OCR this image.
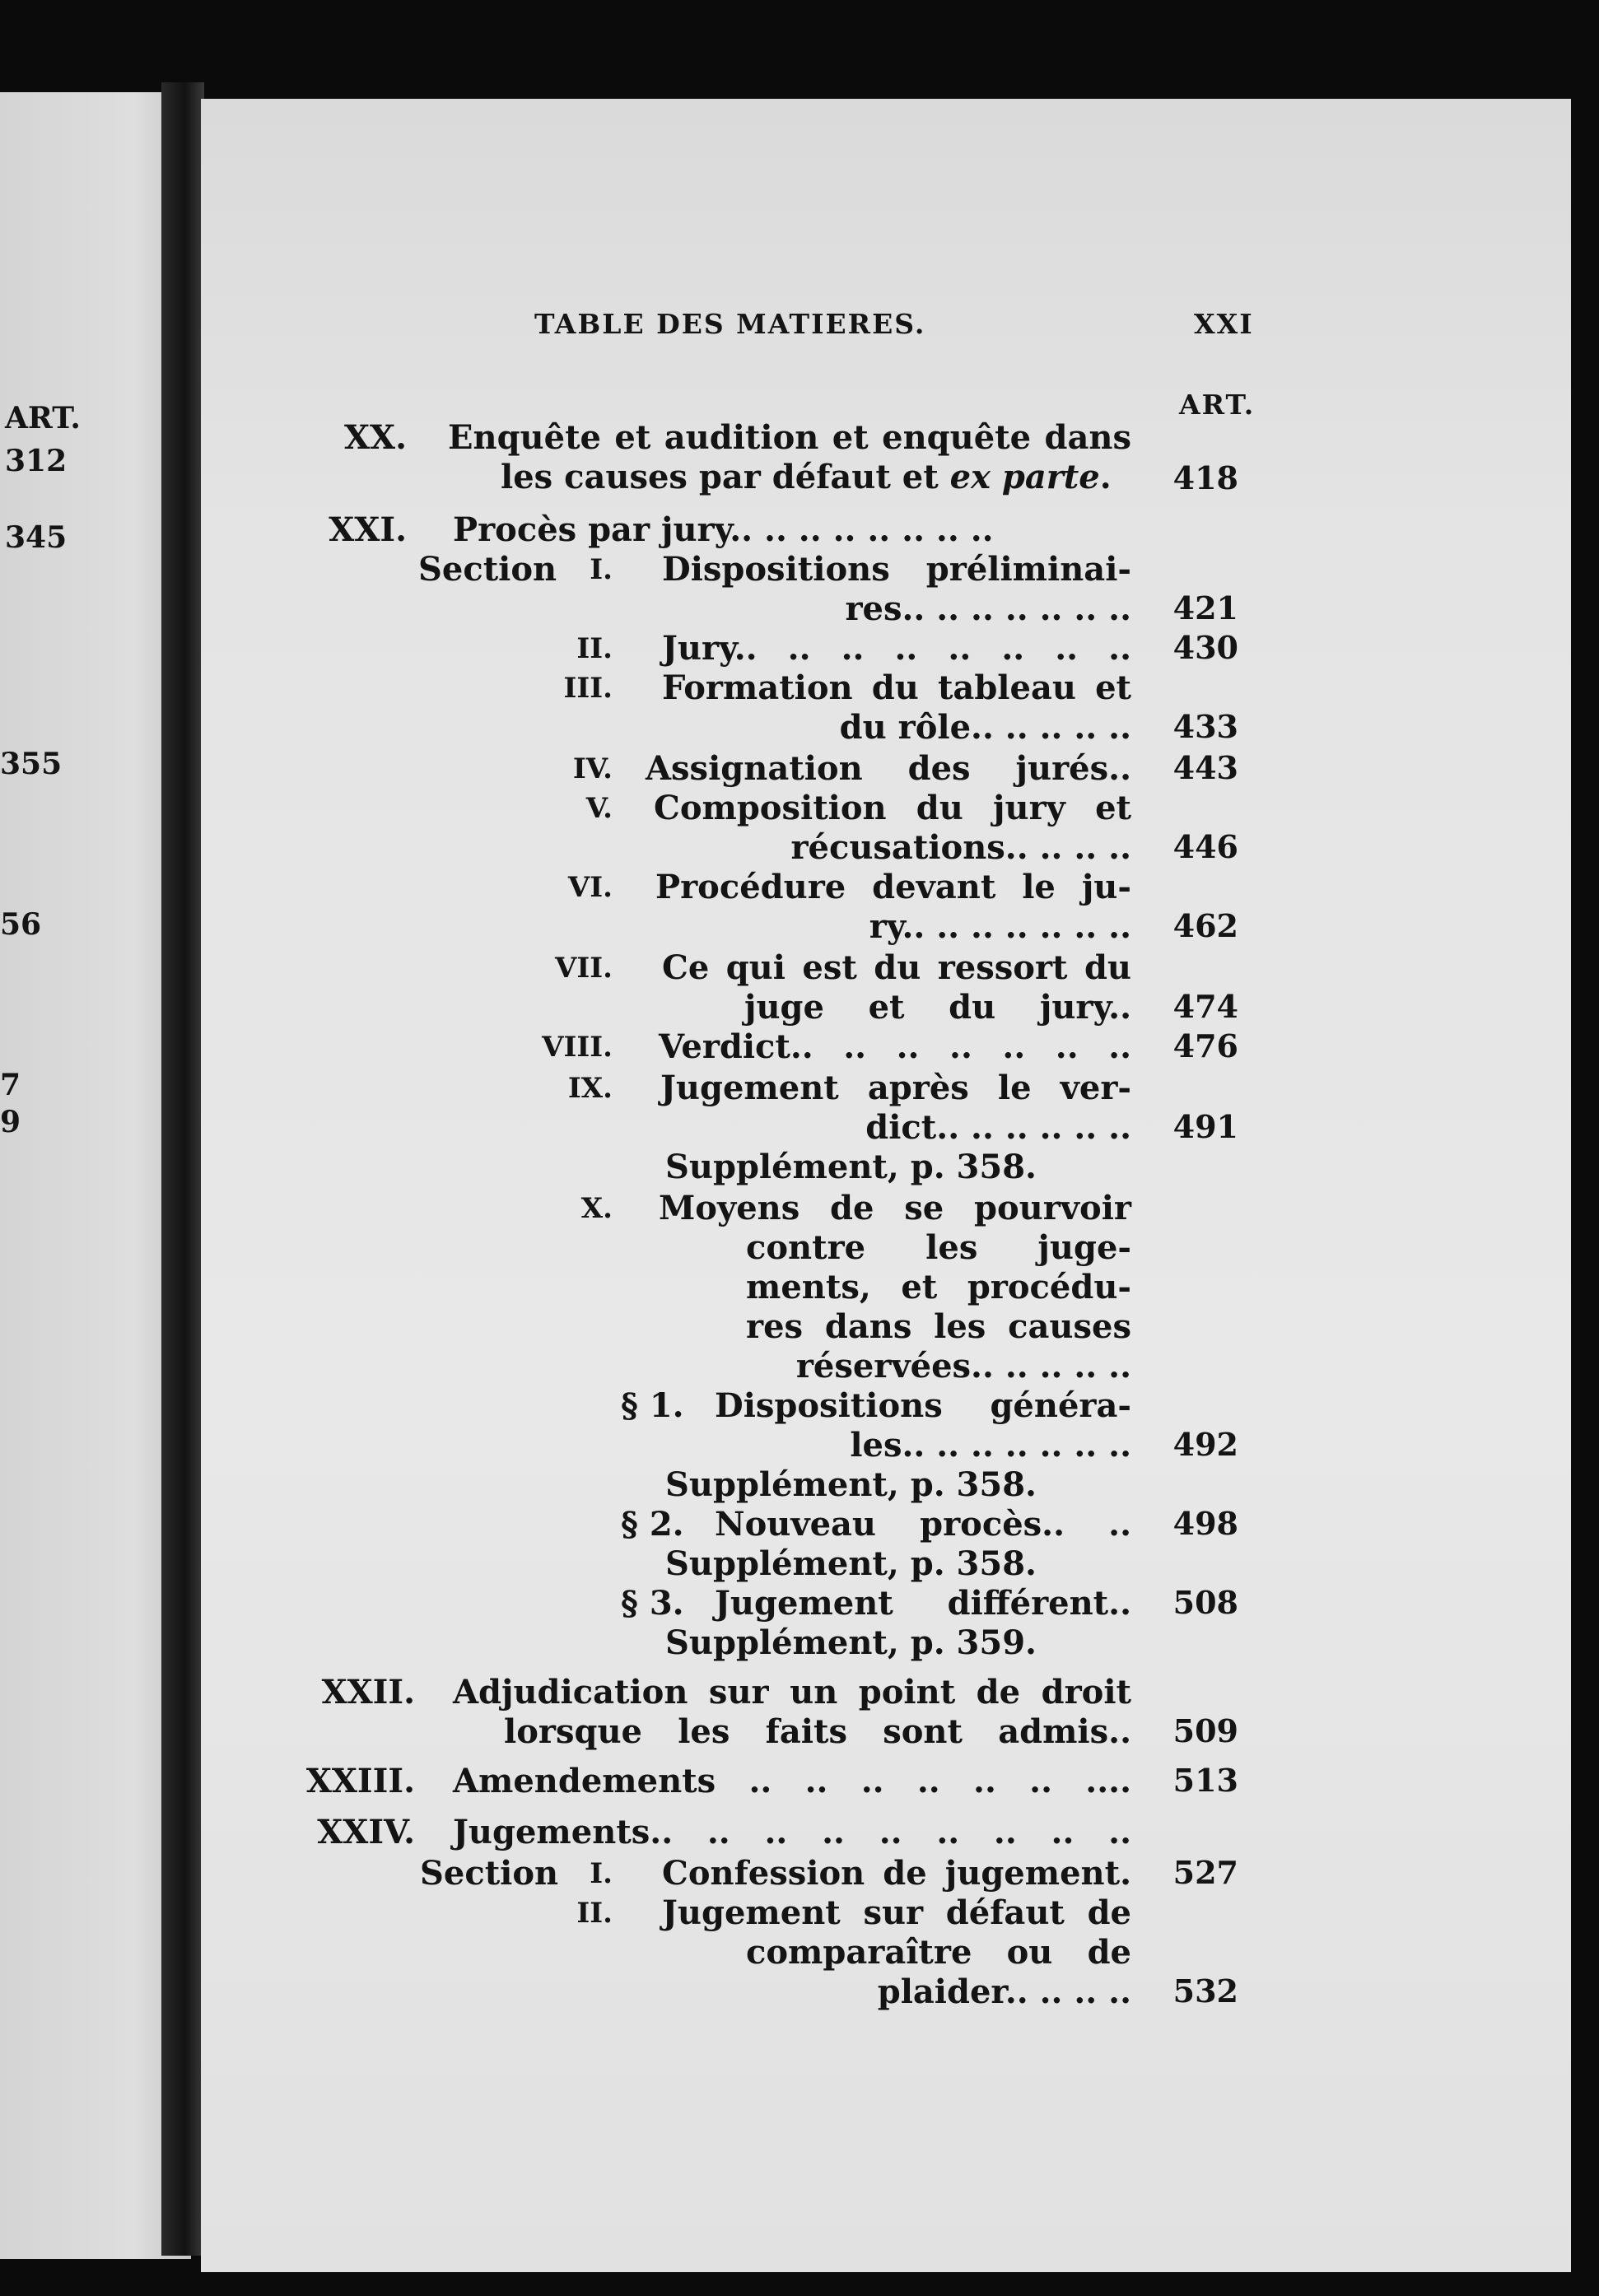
ART.
312
345
355
56
7
9
TABLE DES MATIERES.	XXI
ART.
XX. Enquête et audition et enquête dans
les causes par défaut et ex parte.	418
XXI. Procès par jury.. .. .. .. .. .. .. ..
Section	I. Dispositions préliminai-
res.. .. .. .. .. .. ..	421
II. Jury.. .. .. .. .. .. .. ..	430
III. Formation du tableau et
du rôle.. .. .. .. ..	433
IV. Assignation des jurés..	443
V. Composition du jury et
récusations.. .. .. ..	446
VI. Procédure devant le ju-
ry.. .. .. .. .. .. ..	462
VII. Ce qui est du ressort du
juge et du jury..	474
VIII. Verdict.. .. .. .. .. .. ..	476
IX. Jugement après le ver-
dict.. .. .. .. .. ..	491
Supplément, p. 358.
X. Moyens de se pourvoir
contre les juge-
ments, et procédu-
res dans les causes
réservées.. .. .. .. ..
§ 1. Dispositions généra-
les.. .. .. .. .. .. ..	492
Supplément, p. 358.
§ 2. Nouveau procès.. ..	498
Supplément, p. 358.
§ 3. Jugement différent..	508
Supplément, p. 359.
XXII. Adjudication sur un point de droit
lorsque les faits sont admis..	509
XXIII. Amendements .. .. .. .. .. .. ....	513
XXIV. Jugements.. .. .. .. .. .. .. .. ..
Section	I. Confession de jugement.	527
II. Jugement sur défaut de
comparaître ou de
plaider.. .. .. ..	532
